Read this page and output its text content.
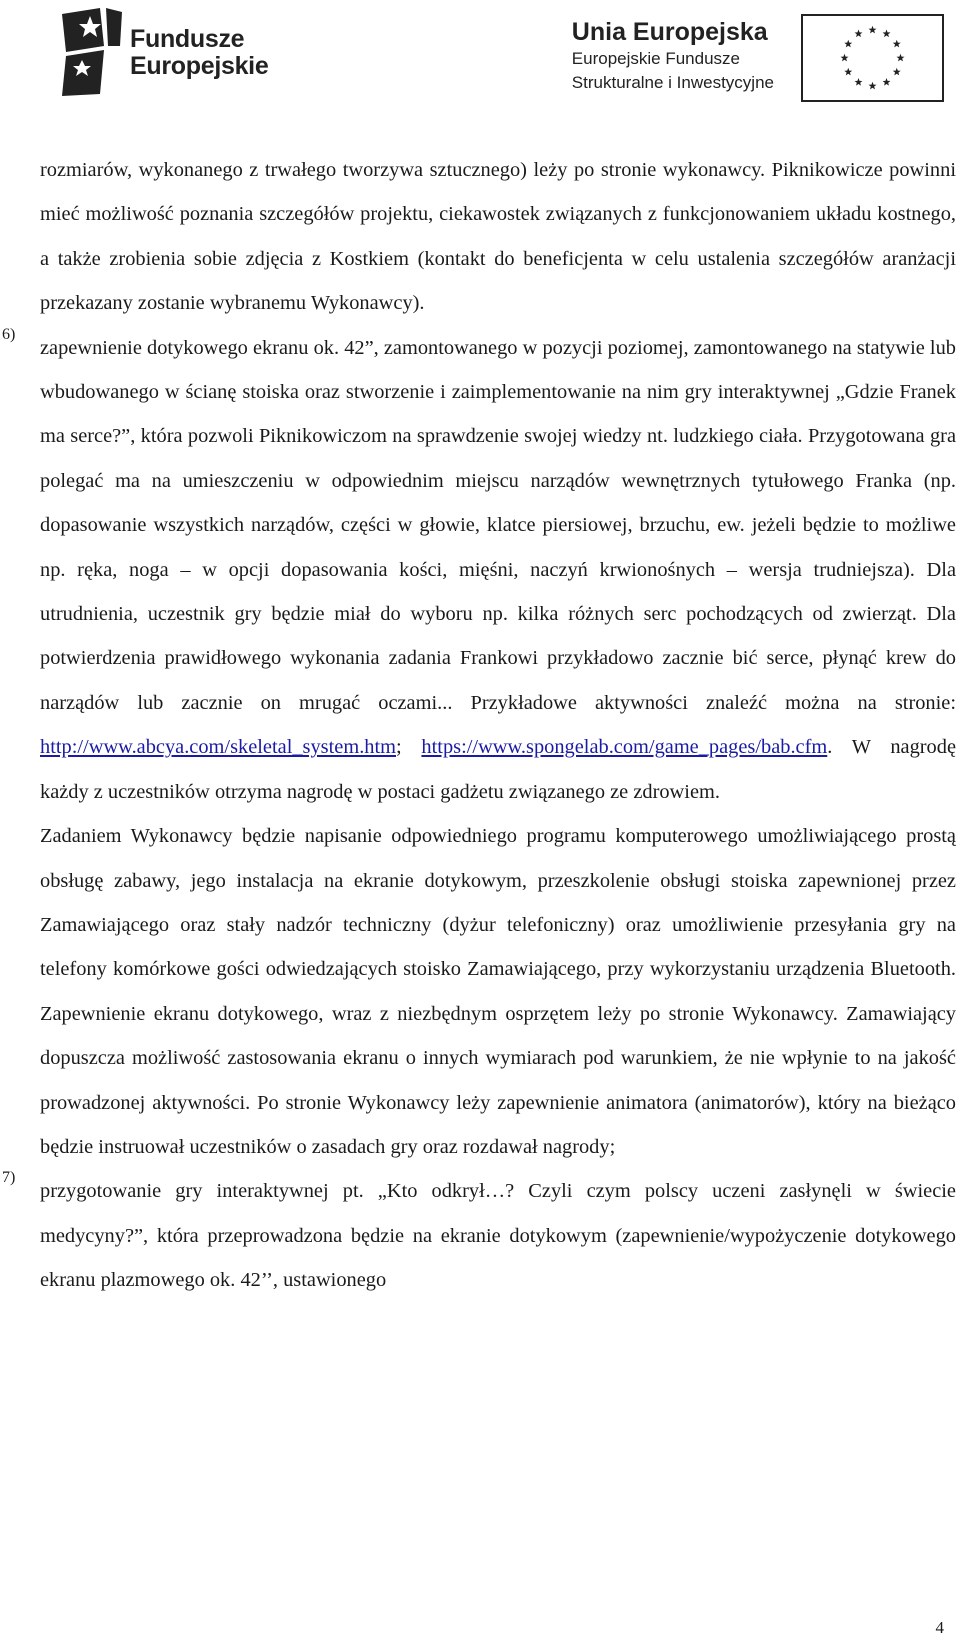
Fundusze
Europejskie
Unia Europejska
Europejskie Fundusze
Strukturalne i Inwestycyjne

rozmiarów, wykonanego z trwałego tworzywa sztucznego) leży po stronie wykonawcy. Piknikowicze powinni mieć możliwość poznania szczegółów projektu, ciekawostek związanych z funkcjonowaniem układu kostnego, a także zrobienia sobie zdjęcia z Kostkiem (kontakt do beneficjenta w celu ustalenia szczegółów aranżacji przekazany zostanie wybranemu Wykonawcy).

6)

zapewnienie dotykowego ekranu ok. 42”, zamontowanego w pozycji poziomej, zamontowanego na statywie lub wbudowanego w ścianę stoiska oraz stworzenie i zaimplementowanie na nim gry interaktywnej „Gdzie Franek ma serce?”, która pozwoli Piknikowiczom na sprawdzenie swojej wiedzy nt. ludzkiego ciała. Przygotowana gra polegać ma na umieszczeniu w odpowiednim miejscu narządów wewnętrznych tytułowego Franka (np. dopasowanie wszystkich narządów, części w głowie, klatce piersiowej, brzuchu, ew. jeżeli będzie to możliwe np. ręka, noga – w opcji dopasowania kości, mięśni, naczyń krwionośnych – wersja trudniejsza). Dla utrudnienia, uczestnik gry będzie miał do wyboru np. kilka różnych serc pochodzących od zwierząt. Dla potwierdzenia prawidłowego wykonania zadania Frankowi przykładowo zacznie bić serce, płynąć krew do narządów lub zacznie on mrugać oczami... Przykładowe aktywności znaleźć można na stronie: http://www.abcya.com/skeletal_system.htm; https://www.spongelab.com/game_pages/bab.cfm. W nagrodę każdy z uczestników otrzyma nagrodę w postaci gadżetu związanego ze zdrowiem.

Zadaniem Wykonawcy będzie napisanie odpowiedniego programu komputerowego umożliwiającego prostą obsługę zabawy, jego instalacja na ekranie dotykowym, przeszkolenie obsługi stoiska zapewnionej przez Zamawiającego oraz stały nadzór techniczny (dyżur telefoniczny) oraz umożliwienie przesyłania gry na telefony komórkowe gości odwiedzających stoisko Zamawiającego, przy wykorzystaniu urządzenia Bluetooth. Zapewnienie ekranu dotykowego, wraz z niezbędnym osprzętem leży po stronie Wykonawcy. Zamawiający dopuszcza możliwość zastosowania ekranu o innych wymiarach pod warunkiem, że nie wpłynie to na jakość prowadzonej aktywności. Po stronie Wykonawcy leży zapewnienie animatora (animatorów), który na bieżąco będzie instruował uczestników o zasadach gry oraz rozdawał nagrody;

7)

przygotowanie gry interaktywnej pt. „Kto odkrył…? Czyli czym polscy uczeni zasłynęli w świecie medycyny?”, która przeprowadzona będzie na ekranie dotykowym (zapewnienie/wypożyczenie dotykowego ekranu plazmowego ok. 42’’, ustawionego

4
